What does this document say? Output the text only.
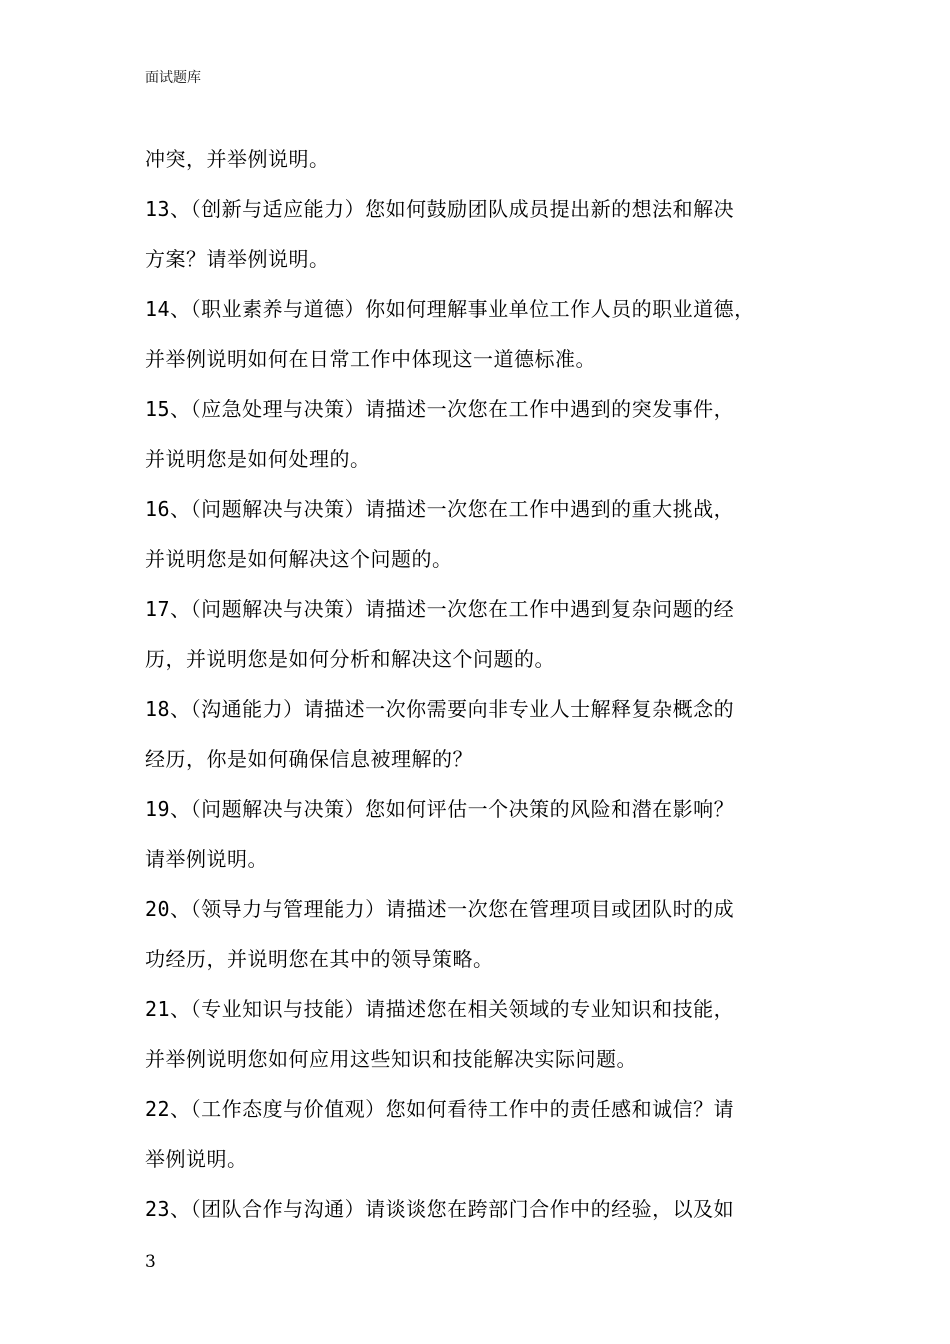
面试题库
冲突，并举例说明。
13、（创新与适应能力）您如何鼓励团队成员提出新的想法和解决
方案？请举例说明。
14、（职业素养与道德）你如何理解事业单位工作人员的职业道德，
并举例说明如何在日常工作中体现这一道德标准。
15、（应急处理与决策）请描述一次您在工作中遇到的突发事件，
并说明您是如何处理的。
16、（问题解决与决策）请描述一次您在工作中遇到的重大挑战，
并说明您是如何解决这个问题的。
17、（问题解决与决策）请描述一次您在工作中遇到复杂问题的经
历，并说明您是如何分析和解决这个问题的。
18、（沟通能力）请描述一次你需要向非专业人士解释复杂概念的
经历，你是如何确保信息被理解的？
19、（问题解决与决策）您如何评估一个决策的风险和潜在影响？
请举例说明。
20、（领导力与管理能力）请描述一次您在管理项目或团队时的成
功经历，并说明您在其中的领导策略。
21、（专业知识与技能）请描述您在相关领域的专业知识和技能，
并举例说明您如何应用这些知识和技能解决实际问题。
22、（工作态度与价值观）您如何看待工作中的责任感和诚信？请
举例说明。
23、（团队合作与沟通）请谈谈您在跨部门合作中的经验，以及如
3
